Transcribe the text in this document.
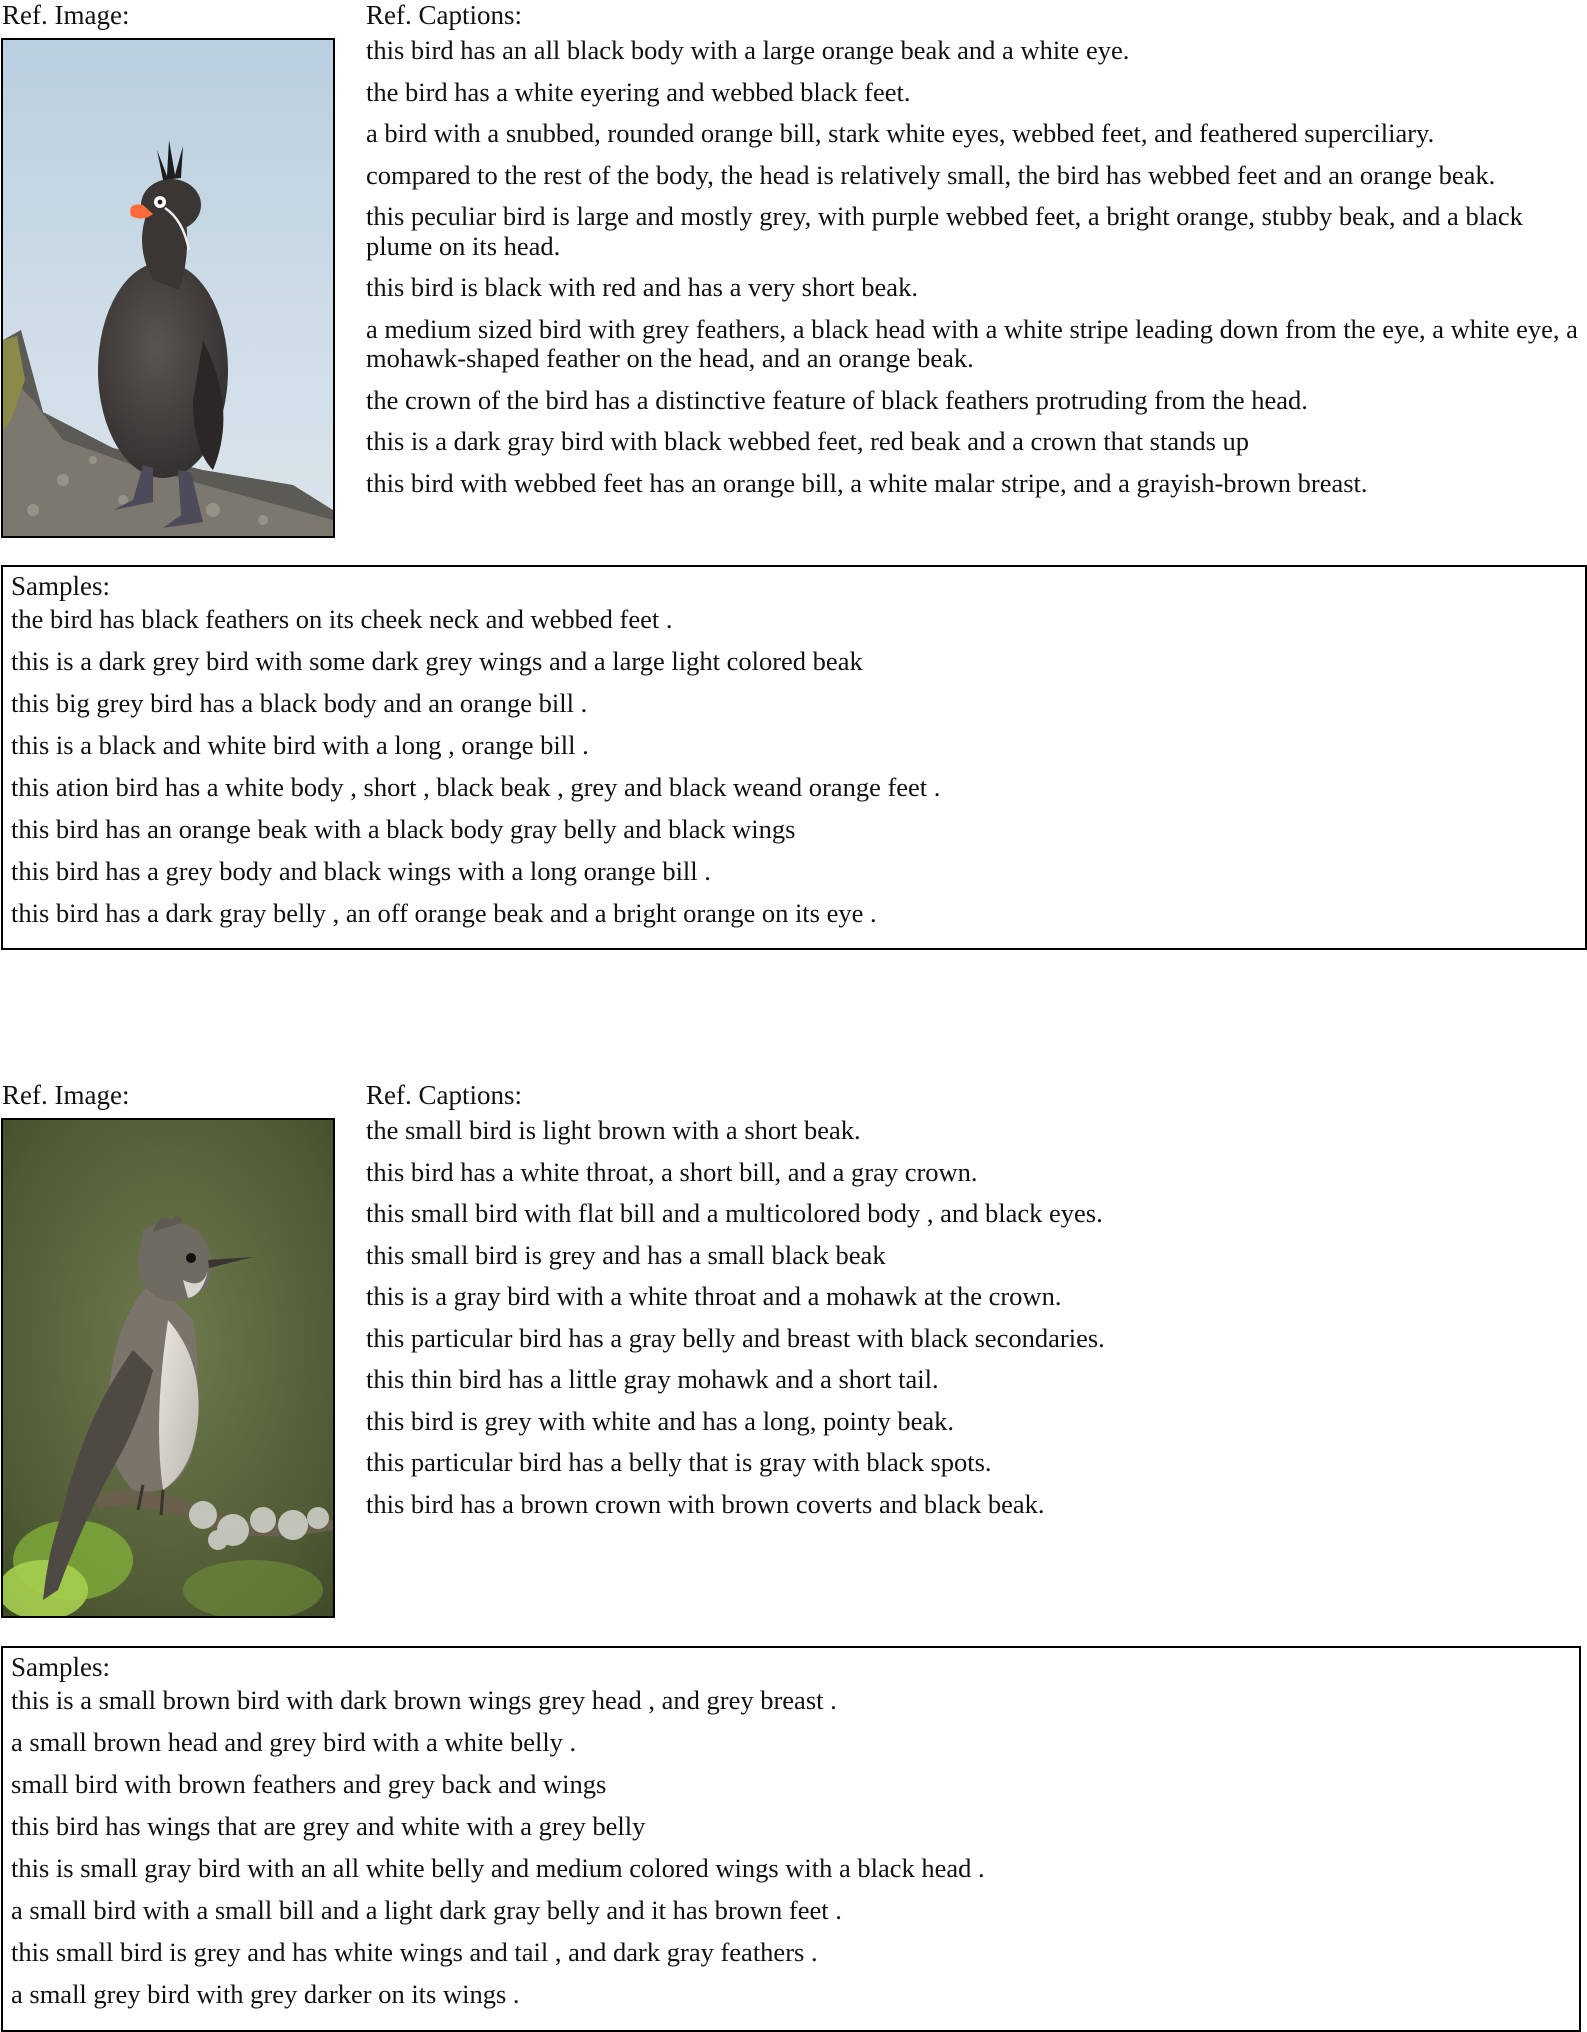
Ref. Image:	Ref. Captions:
this bird has an all black body with a large orange beak and a white eye.
the bird has a white eyering and webbed black feet.
a bird with a snubbed, rounded orange bill, stark white eyes, webbed feet, and feathered superciliary.
compared to the rest of the body, the head is relatively small, the bird has webbed feet and an orange beak.
this peculiar bird is large and mostly grey, with purple webbed feet, a bright orange, stubby beak, and a black plume on its head.
this bird is black with red and has a very short beak.
a medium sized bird with grey feathers, a black head with a white stripe leading down from the eye, a white eye, a mohawk-shaped feather on the head, and an orange beak.
the crown of the bird has a distinctive feature of black feathers protruding from the head.
this is a dark gray bird with black webbed feet, red beak and a crown that stands up
this bird with webbed feet has an orange bill, a white malar stripe, and a grayish-brown breast.
Samples:
the bird has black feathers on its cheek neck and webbed feet .
this is a dark grey bird with some dark grey wings and a large light colored beak
this big grey bird has a black body and an orange bill .
this is a black and white bird with a long , orange bill .
this ation bird has a white body , short , black beak , grey and black weand orange feet .
this bird has an orange beak with a black body gray belly and black wings
this bird has a grey body and black wings with a long orange bill .
this bird has a dark gray belly , an off orange beak and a bright orange on its eye .
Ref. Image:	Ref. Captions:
the small bird is light brown with a short beak.
this bird has a white throat, a short bill, and a gray crown.
this small bird with flat bill and a multicolored body , and black eyes.
this small bird is grey and has a small black beak
this is a gray bird with a white throat and a mohawk at the crown.
this particular bird has a gray belly and breast with black secondaries.
this thin bird has a little gray mohawk and a short tail.
this bird is grey with white and has a long, pointy beak.
this particular bird has a belly that is gray with black spots.
this bird has a brown crown with brown coverts and black beak.
Samples:
this is a small brown bird with dark brown wings grey head , and grey breast .
a small brown head and grey bird with a white belly .
small bird with brown feathers and grey back and wings
this bird has wings that are grey and white with a grey belly
this is small gray bird with an all white belly and medium colored wings with a black head .
a small bird with a small bill and a light dark gray belly and it has brown feet .
this small bird is grey and has white wings and tail , and dark gray feathers .
a small grey bird with grey darker on its wings .
